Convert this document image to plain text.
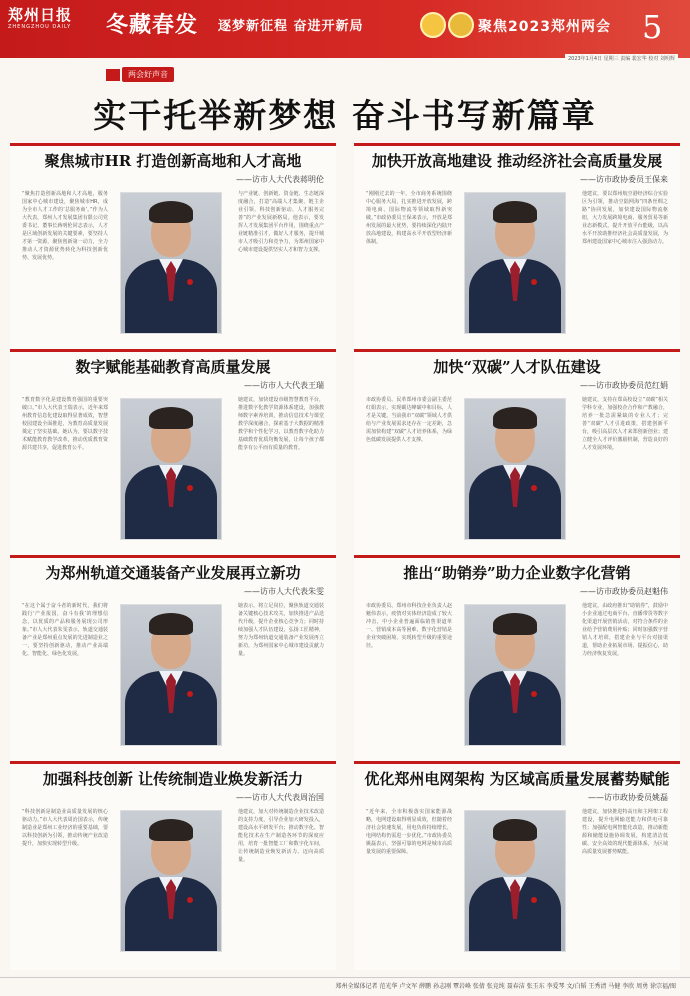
郑州日报
ZHENGZHOU DAILY 冬藏春发 逐梦新征程 奋进开新局	聚焦2023郑州两会 5
2023年1月4日 星期三 责编 裴宏华 校对 刘明辉
两会好声音
实干托举新梦想 奋斗书写新篇章
聚焦城市HR 打造创新高地和人才高地
——访市人大代表蒋明伦
“聚焦打造创新高地和人才高地，服务国家中心城市建设，聚焦城市HR，成为全市人才工作的‘总服务商’。”作为人大代表，郑州人才发展集团有限公司党委书记、董事长蒋明伦同志表示，人才是区域创新发展的关键要素，要坚持人才第一资源，聚焦创新第一动力，全力推动人才资源优势转化为科技创新优势、发展优势。
与产业链、创新链、资金链、生态链深度融合，打造“高端人才集聚、链主企业引领、科技创新驱动、人才服务完善”的产业发展新格局。他表示，要发挥人才发展集团平台作用，围绕重点产业链精准引才，做好人才服务，提升城市人才吸引力和竞争力，为郑州国家中心城市建设提供坚实人才和智力支撑。
加快开放高地建设 推动经济社会高质量发展
——访市政协委员王保来
“刚刚过去的一年，全市商务系统围绕中心服务大局，扎实推进开放发展，跨境电商、国际物流等领域取得新突破。”市政协委员王保来表示，开放是郑州发展的最大优势，要持续深化内陆开放高地建设，构建高水平开放型经济新体制。
他建议，要以郑州航空港经济综合实验区为引领，推动空陆网海“四条丝绸之路”协同发展，加快建设国际物流枢纽，大力发展跨境电商、服务贸易等新业态新模式，提升开放平台能级，以高水平开放助推经济社会高质量发展，为郑州建设国家中心城市注入强劲动力。
数字赋能基础教育高质量发展
——访市人大代表王瑞
“教育数字化是建设教育强国的重要突破口。”市人大代表王瑞表示，近年来郑州教育信息化建设取得显著成效，智慧校园建设全面推进，为教育高质量发展奠定了坚实基础。她认为，要以数字技术赋能教育教学改革，推动优质教育资源共建共享，促进教育公平。
她建议，加快建设市级智慧教育平台，推进数字化教学资源体系建设，加强教师数字素养培训，推动信息技术与课堂教学深度融合，探索基于大数据的精准教学和个性化学习，以教育数字化助力基础教育优质均衡发展，让每个孩子都能享有公平而有质量的教育。
加快“双碳”人才队伍建设
——访市政协委员范红娟
市政协委员、民革郑州市委会副主委范红娟表示，实现碳达峰碳中和目标，人才是关键。当前我市“双碳”领域人才供给与产业发展需求还存在一定差距，急需加快构建“双碳”人才培养体系，为绿色低碳发展提供人才支撑。
她建议，支持在郑高校设立“双碳”相关学科专业，加强校企合作和产教融合，培养一批急需紧缺的专业人才；完善“双碳”人才引进政策，搭建创新平台，吸引高层次人才来郑创新创业；建立健全人才评价激励机制，营造良好的人才发展环境。
为郑州轨道交通装备产业发展再立新功
——访市人大代表朱雯
“在这个属于奋斗者的新时代，我们将践行‘产业报国，奋斗有我’的理想信念，以优质的产品和服务展现公司形象。”市人大代表朱雯表示，轨道交通装备产业是郑州重点发展的先进制造业之一，要坚持创新驱动，推动产业高端化、智能化、绿色化发展。
她表示，将立足岗位，聚焦轨道交通装备关键核心技术攻关，加快推进产品迭代升级，提升企业核心竞争力；同时持续加强人才队伍建设，弘扬工匠精神，努力为郑州轨道交通装备产业发展再立新功，为郑州国家中心城市建设贡献力量。
推出“助销券”助力企业数字化营销
——访市政协委员赵魁伟
市政协委员、郑州市科技企业负责人赵魁伟表示，疫情对实体经济造成了较大冲击，中小企业普遍面临销售渠道单一、营销成本高等困难，数字化营销是企业突破困境、实现转型升级的重要途径。
他建议，由政府推出“助销券”，鼓励中小企业通过电商平台、直播带货等数字化渠道开展营销活动，对符合条件的企业给予营销费用补贴；同时加强数字营销人才培训，搭建企业与平台对接渠道，帮助企业拓展市场、提振信心，助力经济恢复发展。
加强科技创新 让传统制造业焕发新活力
——访市人大代表周治国
“科技创新是制造业高质量发展的核心驱动力。”市人大代表周治国表示，传统制造业是郑州工业经济的重要基础，要以科技创新为引领，推动传统产业改造提升，加快实现转型升级。
他建议，加大对传统制造企业技术改造的支持力度，引导企业加大研发投入，建设高水平研发平台；推动数字化、智能化技术在生产制造各环节的深度应用，培育一批智能工厂和数字化车间，让传统制造业焕发新活力、迈向高质量。
优化郑州电网架构 为区域高质量发展蓄势赋能
——访市政协委员姚磊
“近年来，全市积极落实国家能源战略，电网建设取得明显成效，但随着经济社会快速发展，用电负荷持续增长，电网结构仍需进一步优化。”市政协委员姚磊表示，坚强可靠的电网是城市高质量发展的重要保障。
他建议，加快推进特高压和主网架工程建设，提升电网输送能力和供电可靠性；加强配电网智能化改造，推动新能源和储能设施协调发展，构建清洁低碳、安全高效的现代能源体系，为区域高质量发展蓄势赋能。
郑州全媒体记者 范光华 卢文军 薛鹏 孙志刚 覃岩峰 张倩 张竞纯 聂春洁 张玉东 李爱琴 文/白韬 王秀清 马健 李欣 周勇 徐宗福/图
